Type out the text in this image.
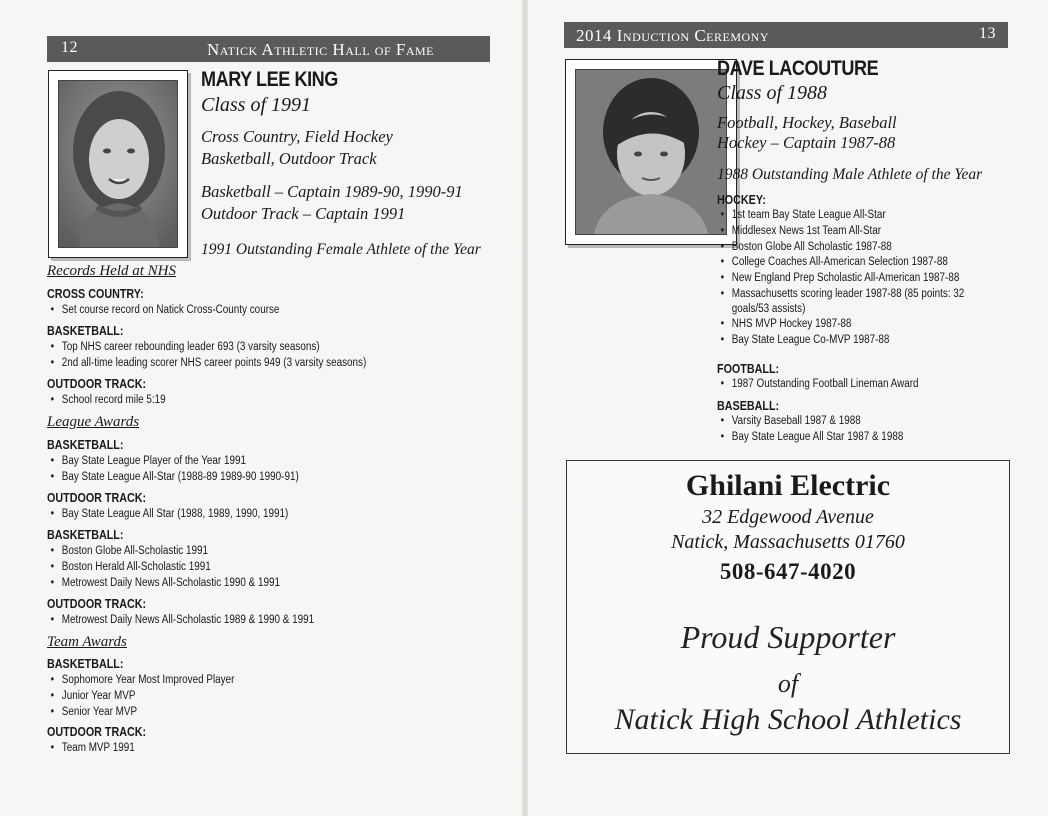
12	Natick Athletic Hall of Fame
MARY LEE KING
Class of 1991
Cross Country, Field Hockey
Basketball, Outdoor Track
Basketball – Captain 1989-90, 1990-91
Outdoor Track – Captain 1991
1991 Outstanding Female Athlete of the Year
Records Held at NHS
CROSS COUNTRY:
• Set course record on Natick Cross-County course
BASKETBALL:
• Top NHS career rebounding leader 693 (3 varsity seasons)
• 2nd all-time leading scorer NHS career points 949 (3 varsity seasons)
OUTDOOR TRACK:
• School record mile 5:19
League Awards
BASKETBALL:
• Bay State League Player of the Year 1991
• Bay State League All-Star (1988-89 1989-90 1990-91)
OUTDOOR TRACK:
• Bay State League All Star (1988, 1989, 1990, 1991)
BASKETBALL:
• Boston Globe All-Scholastic 1991
• Boston Herald All-Scholastic 1991
• Metrowest Daily News All-Scholastic 1990 & 1991
OUTDOOR TRACK:
• Metrowest Daily News All-Scholastic 1989 & 1990 & 1991
Team Awards
BASKETBALL:
• Sophomore Year Most Improved Player
• Junior Year MVP
• Senior Year MVP
OUTDOOR TRACK:
• Team MVP 1991
2014 Induction Ceremony	13
DAVE LACOUTURE
Class of 1988
Football, Hockey, Baseball
Hockey – Captain 1987-88
1988 Outstanding Male Athlete of the Year
HOCKEY:
• 1st team Bay State League All-Star
• Middlesex News 1st Team All-Star
• Boston Globe All Scholastic 1987-88
• College Coaches All-American Selection 1987-88
• New England Prep Scholastic All-American 1987-88
• Massachusetts scoring leader 1987-88 (85 points: 32 goals/53 assists)
• NHS MVP Hockey 1987-88
• Bay State League Co-MVP 1987-88
FOOTBALL:
• 1987 Outstanding Football Lineman Award
BASEBALL:
• Varsity Baseball 1987 & 1988
• Bay State League All Star 1987 & 1988
Ghilani Electric
32 Edgewood Avenue
Natick, Massachusetts 01760
508-647-4020
Proud Supporter
of
Natick High School Athletics
